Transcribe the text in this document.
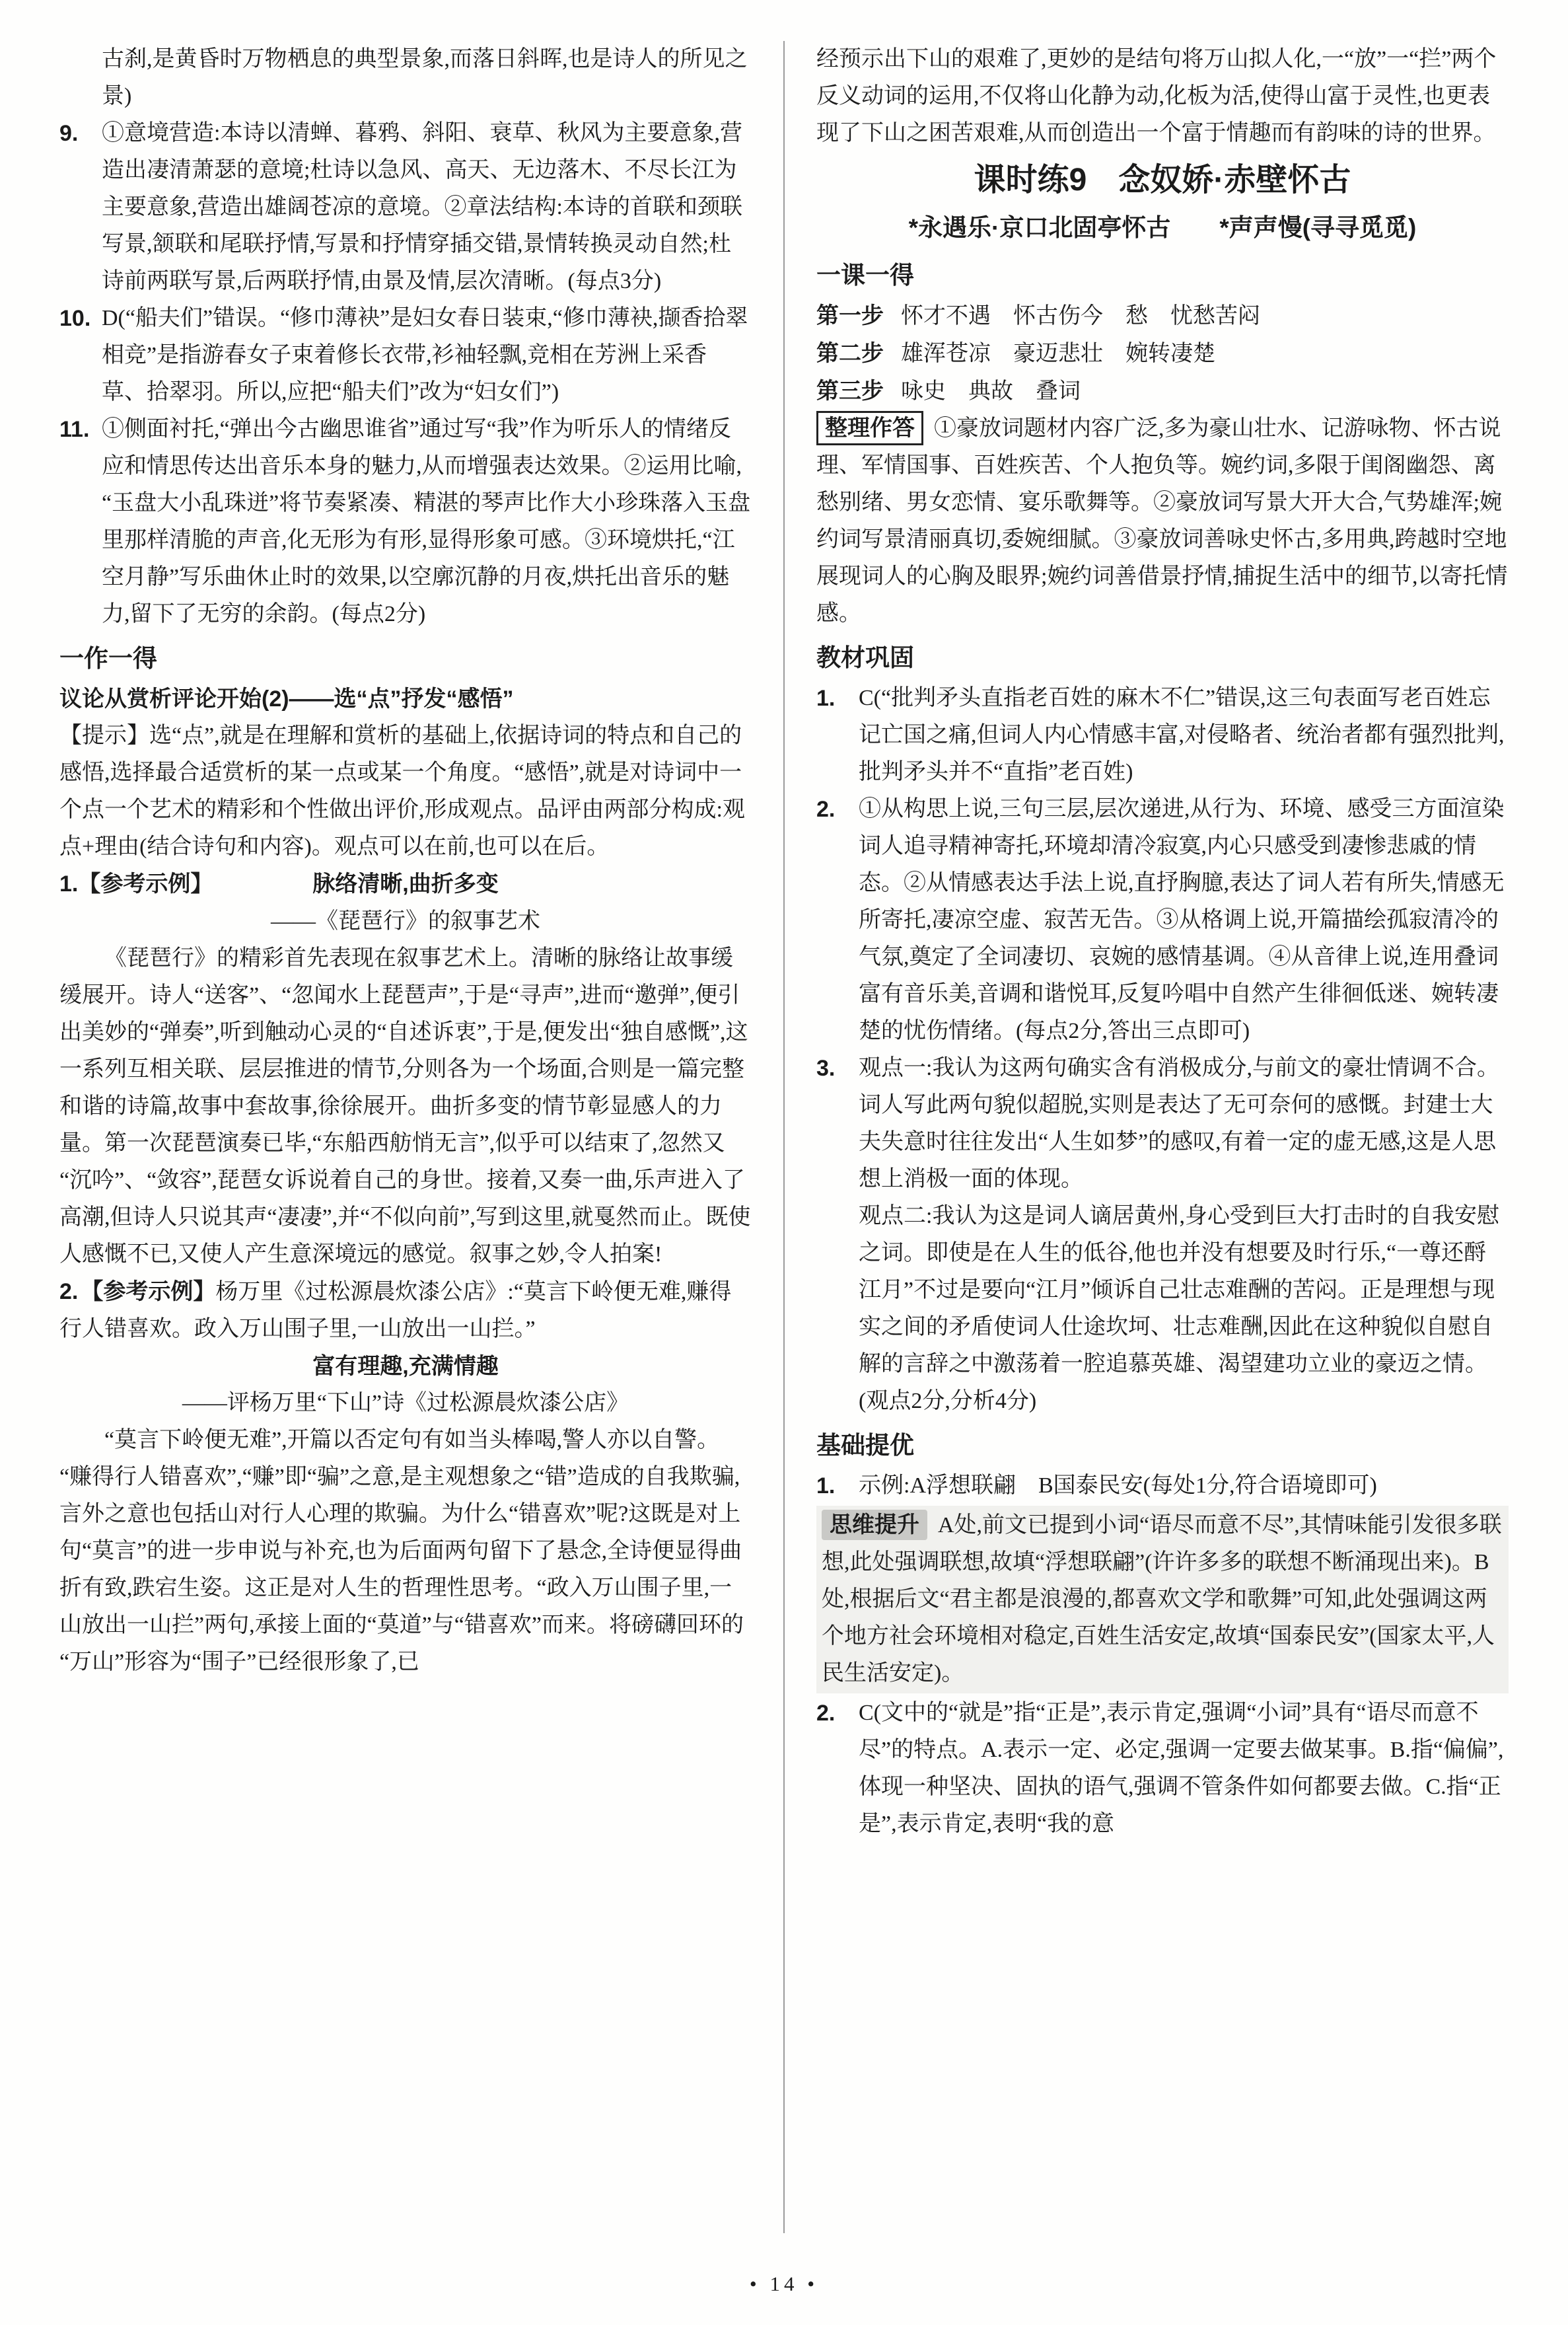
古刹,是黄昏时万物栖息的典型景象,而落日斜晖,也是诗人的所见之景)

9. ①意境营造:本诗以清蝉、暮鸦、斜阳、衰草、秋风为主要意象,营造出凄清萧瑟的意境;杜诗以急风、高天、无边落木、不尽长江为主要意象,营造出雄阔苍凉的意境。②章法结构:本诗的首联和颈联写景,颔联和尾联抒情,写景和抒情穿插交错,景情转换灵动自然;杜诗前两联写景,后两联抒情,由景及情,层次清晰。(每点3分)
10. D(“船夫们”错误。“修巾薄袂”是妇女春日装束,“修巾薄袂,撷香拾翠相竞”是指游春女子束着修长衣带,衫袖轻飘,竞相在芳洲上采香草、拾翠羽。所以,应把“船夫们”改为“妇女们”)
11. ①侧面衬托,“弹出今古幽思谁省”通过写“我”作为听乐人的情绪反应和情思传达出音乐本身的魅力,从而增强表达效果。②运用比喻,“玉盘大小乱珠迸”将节奏紧凑、精湛的琴声比作大小珍珠落入玉盘里那样清脆的声音,化无形为有形,显得形象可感。③环境烘托,“江空月静”写乐曲休止时的效果,以空廓沉静的月夜,烘托出音乐的魅力,留下了无穷的余韵。(每点2分)
一作一得

议论从赏析评论开始(2)——选“点”抒发“感悟”

【提示】选“点”,就是在理解和赏析的基础上,依据诗词的特点和自己的感悟,选择最合适赏析的某一点或某一个角度。“感悟”,就是对诗词中一个点一个艺术的精彩和个性做出评价,形成观点。品评由两部分构成:观点+理由(结合诗句和内容)。观点可以在前,也可以在后。

1.【参考示例】	脉络清晰,曲折多变

——《琵琶行》的叙事艺术

《琵琶行》的精彩首先表现在叙事艺术上。清晰的脉络让故事缓缓展开。诗人“送客”、“忽闻水上琵琶声”,于是“寻声”,进而“邀弹”,便引出美妙的“弹奏”,听到触动心灵的“自述诉衷”,于是,便发出“独自感慨”,这一系列互相关联、层层推进的情节,分则各为一个场面,合则是一篇完整和谐的诗篇,故事中套故事,徐徐展开。曲折多变的情节彰显感人的力量。第一次琵琶演奏已毕,“东船西舫悄无言”,似乎可以结束了,忽然又“沉吟”、“敛容”,琵琶女诉说着自己的身世。接着,又奏一曲,乐声进入了高潮,但诗人只说其声“凄凄”,并“不似向前”,写到这里,就戛然而止。既使人感慨不已,又使人产生意深境远的感觉。叙事之妙,令人拍案!

2. 【参考示例】杨万里《过松源晨炊漆公店》:“莫言下岭便无难,赚得行人错喜欢。政入万山围子里,一山放出一山拦。”

富有理趣,充满情趣

——评杨万里“下山”诗《过松源晨炊漆公店》

“莫言下岭便无难”,开篇以否定句有如当头棒喝,警人亦以自警。“赚得行人错喜欢”,“赚”即“骗”之意,是主观想象之“错”造成的自我欺骗,言外之意也包括山对行人心理的欺骗。为什么“错喜欢”呢?这既是对上句“莫言”的进一步申说与补充,也为后面两句留下了悬念,全诗便显得曲折有致,跌宕生姿。这正是对人生的哲理性思考。“政入万山围子里,一山放出一山拦”两句,承接上面的“莫道”与“错喜欢”而来。将磅礴回环的“万山”形容为“围子”已经很形象了,已

经预示出下山的艰难了,更妙的是结句将万山拟人化,一“放”一“拦”两个反义动词的运用,不仅将山化静为动,化板为活,使得山富于灵性,也更表现了下山之困苦艰难,从而创造出一个富于情趣而有韵味的诗的世界。

课时练9　念奴娇·赤壁怀古
*永遇乐·京口北固亭怀古　　*声声慢(寻寻觅觅)
一课一得

第一步 怀才不遇　怀古伤今　愁　忧愁苦闷

第二步 雄浑苍凉　豪迈悲壮　婉转凄楚

第三步 咏史　典故　叠词

整理作答 ①豪放词题材内容广泛,多为豪山壮水、记游咏物、怀古说理、军情国事、百姓疾苦、个人抱负等。婉约词,多限于闺阁幽怨、离愁别绪、男女恋情、宴乐歌舞等。②豪放词写景大开大合,气势雄浑;婉约词写景清丽真切,委婉细腻。③豪放词善咏史怀古,多用典,跨越时空地展现词人的心胸及眼界;婉约词善借景抒情,捕捉生活中的细节,以寄托情感。

教材巩固
1. C(“批判矛头直指老百姓的麻木不仁”错误,这三句表面写老百姓忘记亡国之痛,但词人内心情感丰富,对侵略者、统治者都有强烈批判,批判矛头并不“直指”老百姓)
2. ①从构思上说,三句三层,层次递进,从行为、环境、感受三方面渲染词人追寻精神寄托,环境却清冷寂寞,内心只感受到凄惨悲戚的情态。②从情感表达手法上说,直抒胸臆,表达了词人若有所失,情感无所寄托,凄凉空虚、寂苦无告。③从格调上说,开篇描绘孤寂清冷的气氛,奠定了全词凄切、哀婉的感情基调。④从音律上说,连用叠词富有音乐美,音调和谐悦耳,反复吟唱中自然产生徘徊低迷、婉转凄楚的忧伤情绪。(每点2分,答出三点即可)
3. 观点一:我认为这两句确实含有消极成分,与前文的豪壮情调不合。词人写此两句貌似超脱,实则是表达了无可奈何的感慨。封建士大夫失意时往往发出“人生如梦”的感叹,有着一定的虚无感,这是人思想上消极一面的体现。

观点二:我认为这是词人谪居黄州,身心受到巨大打击时的自我安慰之词。即使是在人生的低谷,他也并没有想要及时行乐,“一尊还酹江月”不过是要向“江月”倾诉自己壮志难酬的苦闷。正是理想与现实之间的矛盾使词人仕途坎坷、壮志难酬,因此在这种貌似自慰自解的言辞之中激荡着一腔追慕英雄、渴望建功立业的豪迈之情。(观点2分,分析4分)

基础提优
1. 示例:A浮想联翩　B国泰民安(每处1分,符合语境即可)
思维提升 A处,前文已提到小词“语尽而意不尽”,其情味能引发很多联想,此处强调联想,故填“浮想联翩”(许许多多的联想不断涌现出来)。B处,根据后文“君主都是浪漫的,都喜欢文学和歌舞”可知,此处强调这两个地方社会环境相对稳定,百姓生活安定,故填“国泰民安”(国家太平,人民生活安定)。
2. C(文中的“就是”指“正是”,表示肯定,强调“小词”具有“语尽而意不尽”的特点。A.表示一定、必定,强调一定要去做某事。B.指“偏偏”,体现一种坚决、固执的语气,强调不管条件如何都要去做。C.指“正是”,表示肯定,表明“我的意
• 14 •
